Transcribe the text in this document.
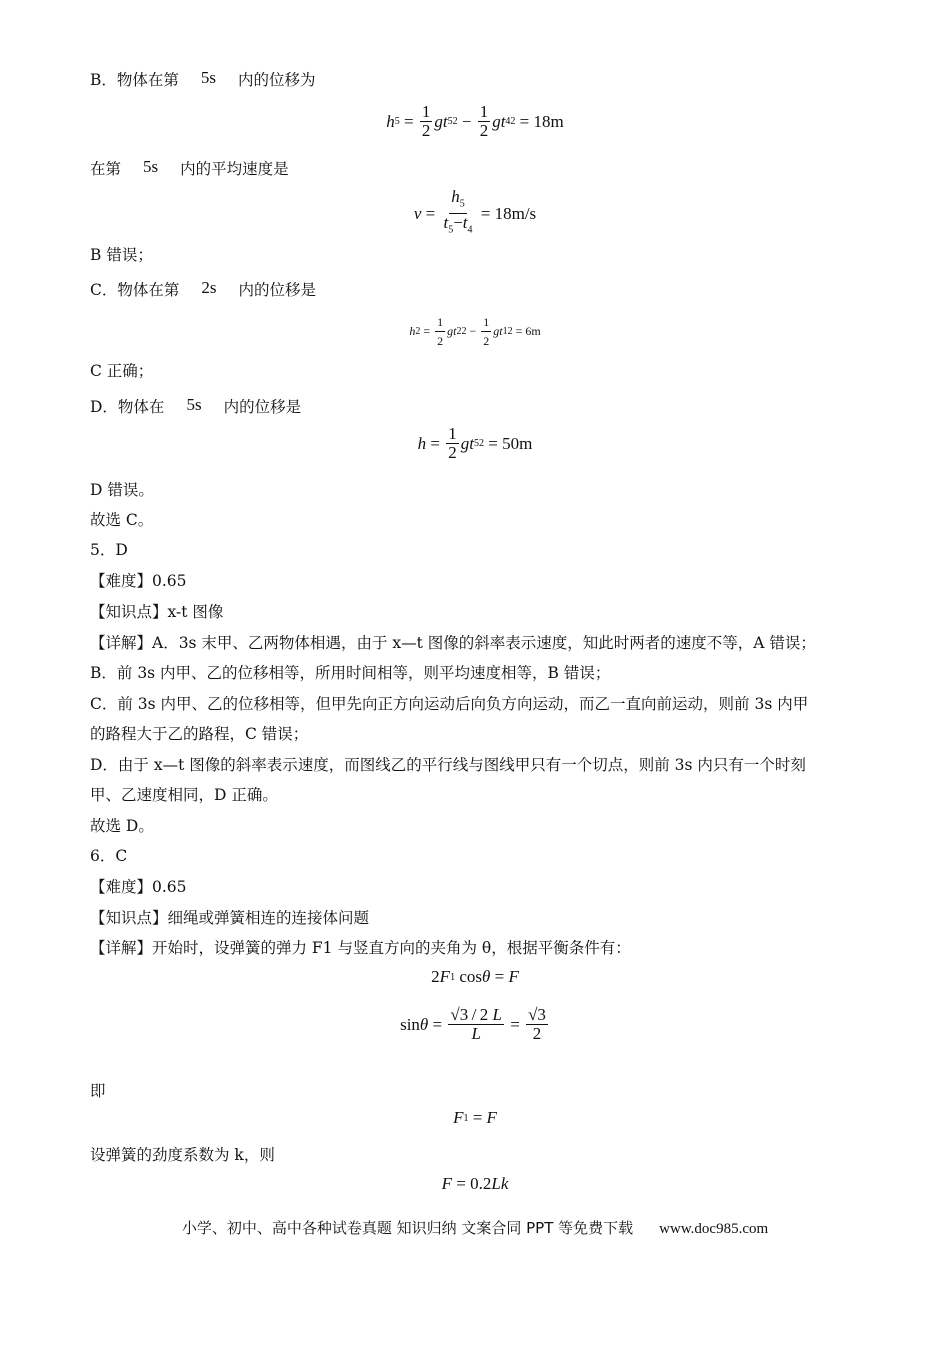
B．物体在第 5s 内的位移为
h $5 = \frac{1}{2}$ gt 5 $2 - \frac{1}{2}$ gt 4 2 = 18m
在第 5s 内的平均速度是
$v = \frac{h_5}{t_5-t_4} = 18m/s$
B 错误；
C．物体在第 2s 内的位移是
h $2 = \frac{1}{2}$ gt 2 $2 - \frac{1}{2}$ gt 1 2 = 6m
C 正确；
D．物体在 5s 内的位移是
$h = \frac{1}{2}$ gt 5 2 = 50m
D 错误。
故选 C。
5．D
【难度】0.65
【知识点】x-t 图像
【详解】A．3s 末甲、乙两物体相遇，由于 x—t 图像的斜率表示速度，知此时两者的速度不等，A 错误；
B．前 3s 内甲、乙的位移相等，所用时间相等，则平均速度相等，B 错误；
C．前 3s 内甲、乙的位移相等，但甲先向正方向运动后向负方向运动，而乙一直向前运动，则前 3s 内甲
的路程大于乙的路程，C 错误；
D．由于 x—t 图像的斜率表示速度，而图线乙的平行线与图线甲只有一个切点，则前 3s 内只有一个时刻
甲、乙速度相同，D 正确。
故选 D。
6．C
【难度】0.65
【知识点】细绳或弹簧相连的连接体问题
【详解】开始时，设弹簧的弹力 F1 与竖直方向的夹角为 θ，根据平衡条件有：
2 F 1 cos θ = F
$\sin \theta = \frac{√3 / 2 L}{L} = \frac{√3}{2}$
即
F 1 = F
设弹簧的劲度系数为 k，则
F = 0.2 Lk
小学、初中、高中各种试卷真题 知识归纳 文案合同 PPT 等免费下载 www.doc985.com
